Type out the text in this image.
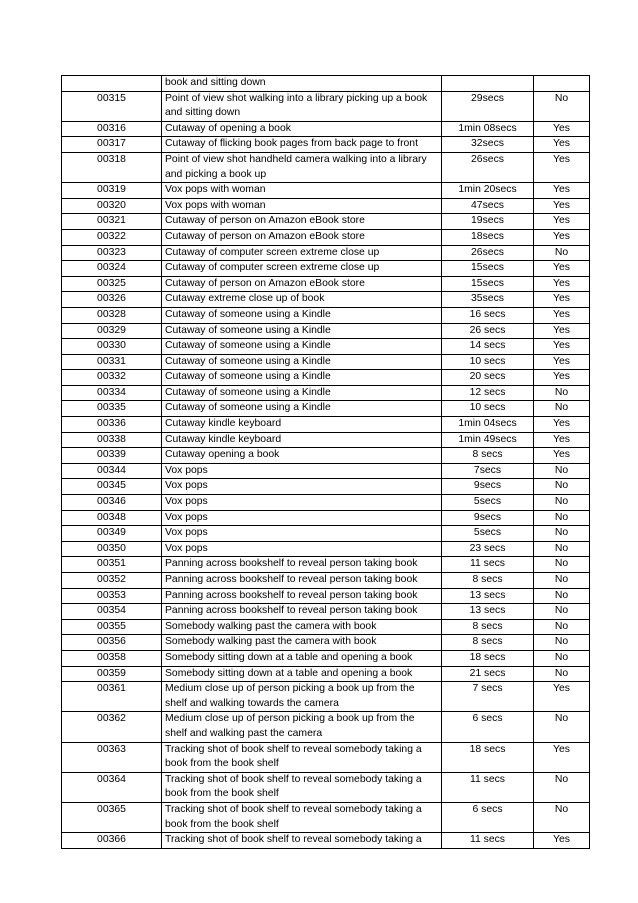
	book and sitting down		
00315	Point of view shot walking into a library picking up a book and sitting down	29secs	No
00316	Cutaway of opening a book	1min 08secs	Yes
00317	Cutaway of flicking book pages from back page to front	32secs	Yes
00318	Point of view shot handheld camera walking into a library and picking a book up	26secs	Yes
00319	Vox pops with woman	1min 20secs	Yes
00320	Vox pops with woman	47secs	Yes
00321	Cutaway of person on Amazon eBook store	19secs	Yes
00322	Cutaway of person on Amazon eBook store	18secs	Yes
00323	Cutaway of computer screen extreme close up	26secs	No
00324	Cutaway of computer screen extreme close up	15secs	Yes
00325	Cutaway of person on Amazon eBook store	15secs	Yes
00326	Cutaway extreme close up of book	35secs	Yes
00328	Cutaway of someone using a Kindle	16 secs	Yes
00329	Cutaway of someone using a Kindle	26 secs	Yes
00330	Cutaway of someone using a Kindle	14 secs	Yes
00331	Cutaway of someone using a Kindle	10 secs	Yes
00332	Cutaway of someone using a Kindle	20 secs	Yes
00334	Cutaway of someone using a Kindle	12 secs	No
00335	Cutaway of someone using a Kindle	10 secs	No
00336	Cutaway kindle keyboard	1min 04secs	Yes
00338	Cutaway kindle keyboard	1min 49secs	Yes
00339	Cutaway opening a book	8 secs	Yes
00344	Vox pops	7secs	No
00345	Vox pops	9secs	No
00346	Vox pops	5secs	No
00348	Vox pops	9secs	No
00349	Vox pops	5secs	No
00350	Vox pops	23 secs	No
00351	Panning across bookshelf to reveal person taking book	11 secs	No
00352	Panning across bookshelf to reveal person taking book	8 secs	No
00353	Panning across bookshelf to reveal person taking book	13 secs	No
00354	Panning across bookshelf to reveal person taking book	13 secs	No
00355	Somebody walking past the camera with book	8 secs	No
00356	Somebody walking past the camera with book	8 secs	No
00358	Somebody sitting down at a table and opening a book	18 secs	No
00359	Somebody sitting down at a table and opening a book	21 secs	No
00361	Medium close up of person picking a book up from the shelf and walking towards the camera	7 secs	Yes
00362	Medium close up of person picking a book up from the shelf and walking past the camera	6 secs	No
00363	Tracking shot of book shelf to reveal somebody taking a book from the book shelf	18 secs	Yes
00364	Tracking shot of book shelf to reveal somebody taking a book from the book shelf	11 secs	No
00365	Tracking shot of book shelf to reveal somebody taking a book from the book shelf	6 secs	No
00366	Tracking shot of book shelf to reveal somebody taking a	11 secs	Yes
